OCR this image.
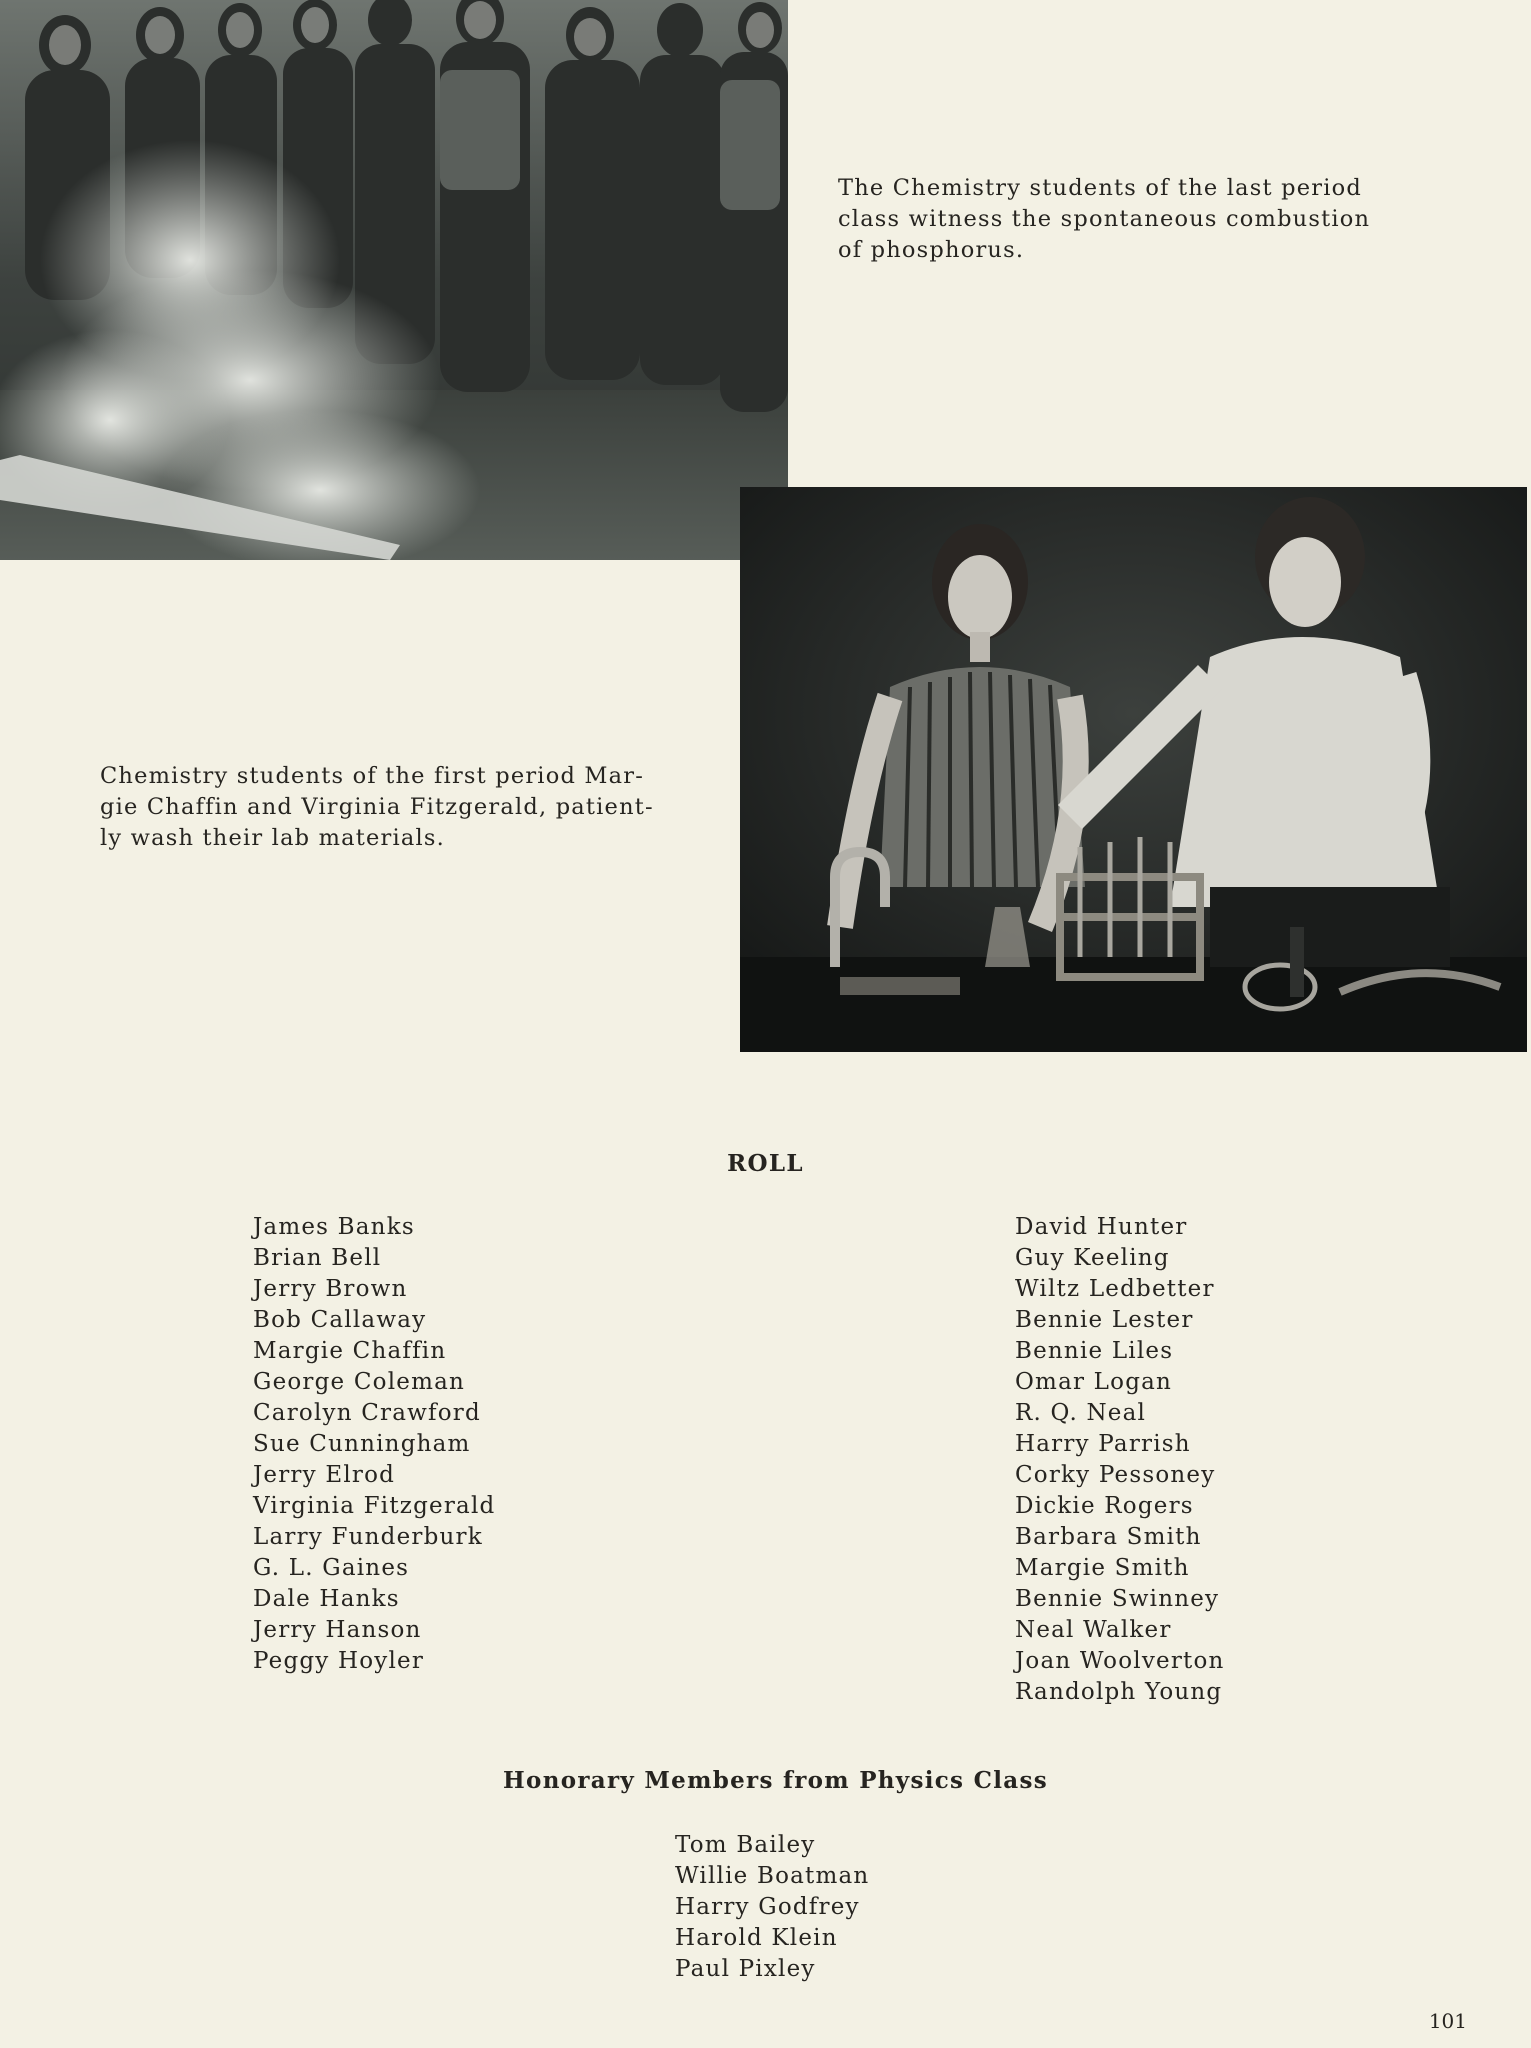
The Chemistry students of the last period
class witness the spontaneous combustion
of phosphorus.

Chemistry students of the first period Mar-
gie Chaffin and Virginia Fitzgerald, patient-
ly wash their lab materials.

ROLL
James Banks
Brian Bell
Jerry Brown
Bob Callaway
Margie Chaffin
George Coleman
Carolyn Crawford
Sue Cunningham
Jerry Elrod
Virginia Fitzgerald
Larry Funderburk
G. L. Gaines
Dale Hanks
Jerry Hanson
Peggy Hoyler
David Hunter
Guy Keeling
Wiltz Ledbetter
Bennie Lester
Bennie Liles
Omar Logan
R. Q. Neal
Harry Parrish
Corky Pessoney
Dickie Rogers
Barbara Smith
Margie Smith
Bennie Swinney
Neal Walker
Joan Woolverton
Randolph Young
Honorary Members from Physics Class
Tom Bailey
Willie Boatman
Harry Godfrey
Harold Klein
Paul Pixley

101
